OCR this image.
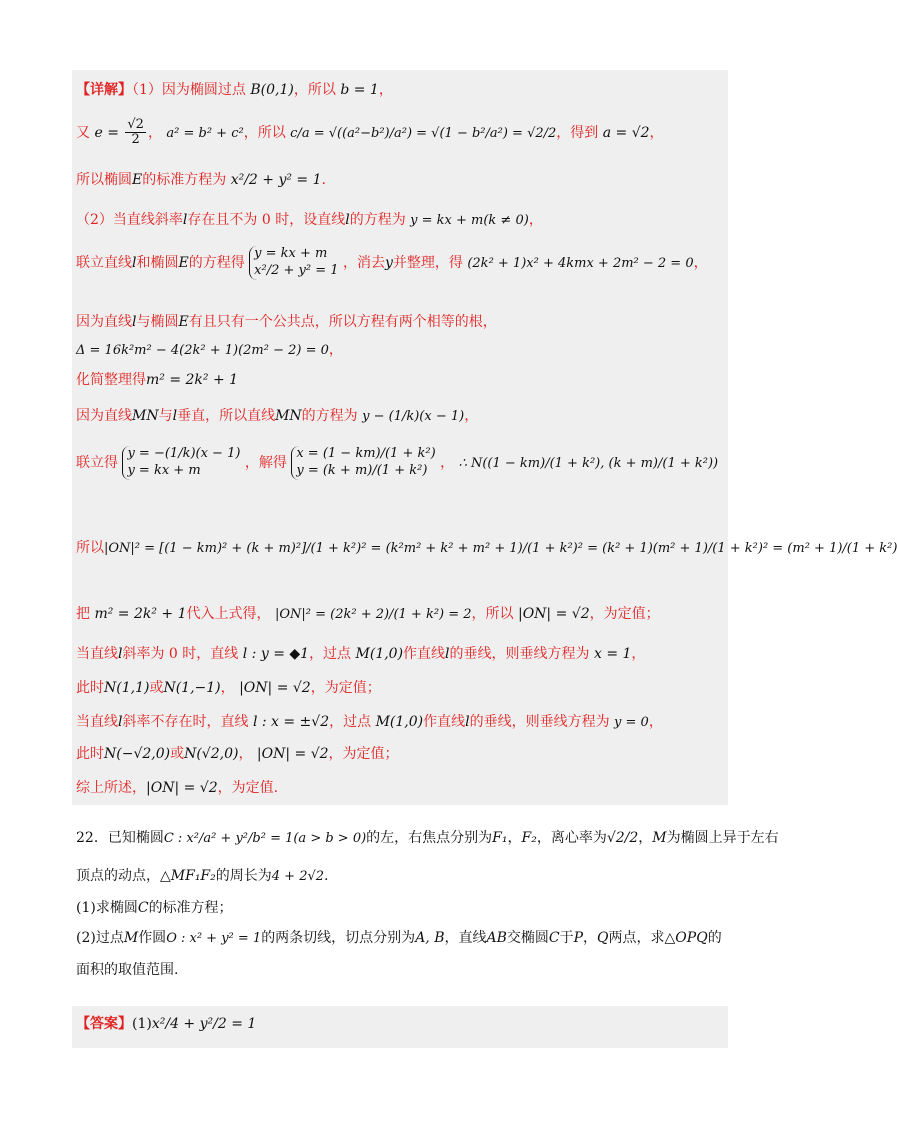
【详解】（1）因为椭圆过点 B(0,1)，所以 b = 1，
又 $e = \frac{√2}{2}$ ， a² = b² + c²，所以 c/a = √((a²−b²)/a²) = √(1 − b²/a²) = √2/2，得到 a = √2，
所以椭圆E的标准方程为 x²/2 + y² = 1.
（2）当直线斜率l存在且不为 0 时，设直线l的方程为 y = kx + m(k ≠ 0)，
联立直线l和椭圆E的方程得
y = kx + m
x²/2 + y² = 1 ，消去y并整理，得 (2k² + 1)x² + 4kmx + 2m² − 2 = 0，
因为直线l与椭圆E有且只有一个公共点，所以方程有两个相等的根，
Δ = 16k²m² − 4(2k² + 1)(2m² − 2) = 0，
化简整理得m² = 2k² + 1
因为直线MN与l垂直，所以直线MN的方程为 y − (1/k)(x − 1)，
联立得
y = −(1/k)(x − 1)
y = kx + m	，解得
x = (1 − km)/(1 + k²)
y = (k + m)/(1 + k²) ， ∴ N((1 − km)/(1 + k²), (k + m)/(1 + k²))
所以|ON|² = [(1 − km)² + (k + m)²]/(1 + k²)² = (k²m² + k² + m² + 1)/(1 + k²)² = (k² + 1)(m² + 1)/(1 + k²)² = (m² + 1)/(1 + k²)
把 m² = 2k² + 1代入上式得， |ON|² = (2k² + 2)/(1 + k²) = 2，所以 |ON| = √2，为定值；
当直线l斜率为 0 时，直线 l : y = ◆1，过点 M(1,0)作直线l的垂线，则垂线方程为 x = 1，
此时N(1,1)或N(1,−1)， |ON| = √2，为定值；
当直线l斜率不存在时，直线 l : x = ±√2，过点 M(1,0)作直线l的垂线，则垂线方程为 y = 0，
此时N(−√2,0)或N(√2,0)， |ON| = √2，为定值；
综上所述，|ON| = √2，为定值.
22．已知椭圆C : x²/a² + y²/b² = 1(a > b > 0)的左，右焦点分别为F₁，F₂，离心率为√2/2，M为椭圆上异于左右
顶点的动点，△MF₁F₂的周长为4 + 2√2.
(1)求椭圆C的标准方程；
(2)过点M作圆O : x² + y² = 1的两条切线，切点分别为A, B，直线AB交椭圆C于P，Q两点，求△OPQ的
面积的取值范围.
【答案】(1)x²/4 + y²/2 = 1
